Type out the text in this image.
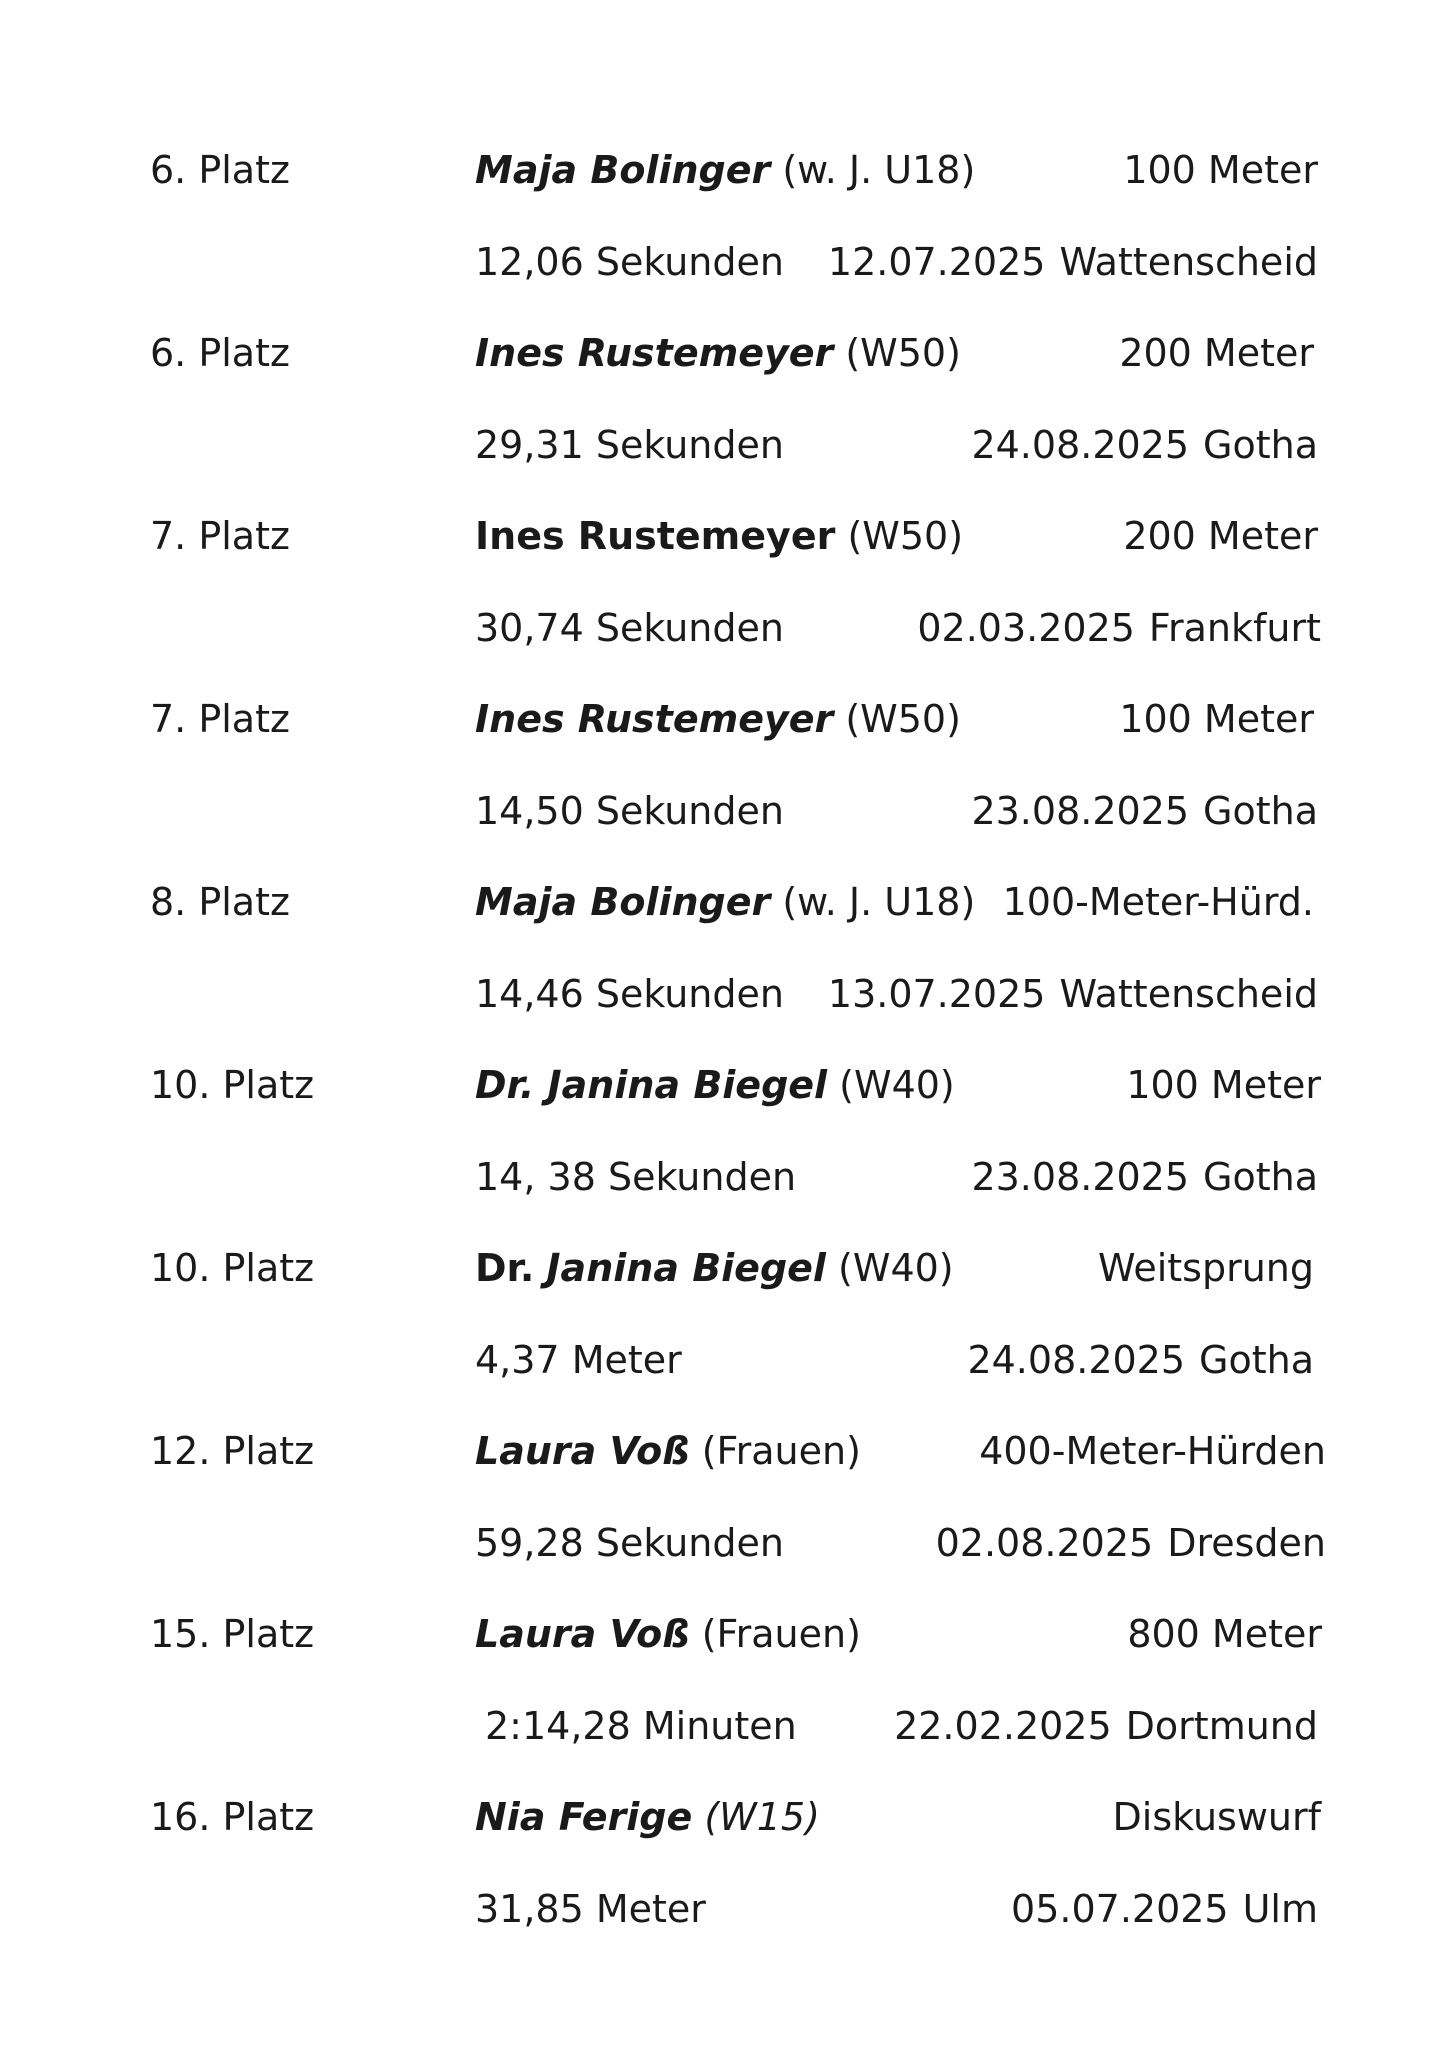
6. Platz	Maja Bolinger (w. J. U18)	100 Meter
12,06 Sekunden 12.07.2025 Wattenscheid
6. Platz	Ines Rustemeyer (W50)	200 Meter
29,31 Sekunden	24.08.2025 Gotha
7. Platz	Ines Rustemeyer (W50)	200 Meter
30,74 Sekunden	02.03.2025 Frankfurt
7. Platz	Ines Rustemeyer (W50)	100 Meter
14,50 Sekunden	23.08.2025 Gotha
8. Platz	Maja Bolinger (w. J. U18) 100-Meter-Hürd.
14,46 Sekunden 13.07.2025 Wattenscheid
10. Platz	Dr. Janina Biegel (W40)	100 Meter
14, 38 Sekunden	23.08.2025 Gotha
10. Platz	Dr. Janina Biegel (W40)	Weitsprung
4,37 Meter	24.08.2025 Gotha
12. Platz	Laura Voß (Frauen)	400-Meter-Hürden
59,28 Sekunden	02.08.2025 Dresden
15. Platz	Laura Voß (Frauen)	800 Meter
2:14,28 Minuten	22.02.2025 Dortmund
16. Platz	Nia Ferige (W15)	Diskuswurf
31,85 Meter	05.07.2025 Ulm
